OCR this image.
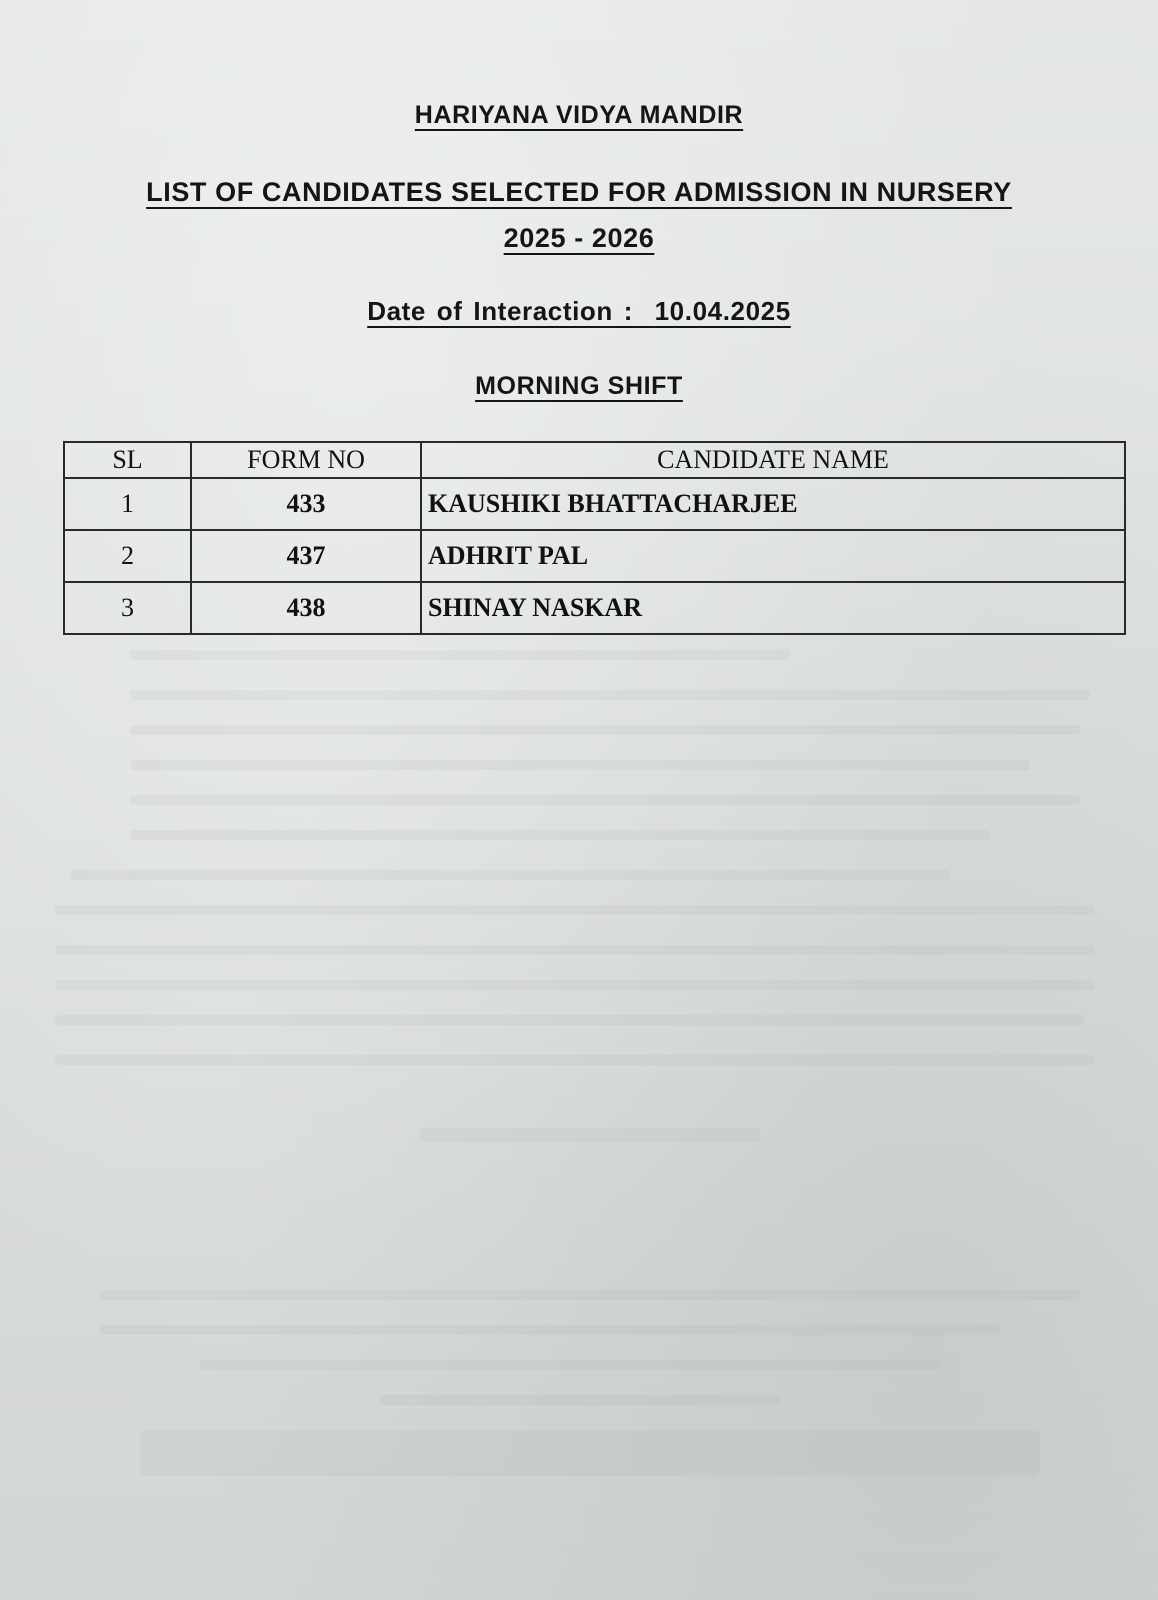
HARIYANA VIDYA MANDIR
LIST OF CANDIDATES SELECTED FOR ADMISSION IN NURSERY
2025 - 2026
Date of Interaction : 10.04.2025
MORNING SHIFT
SL	FORM NO	CANDIDATE NAME
1	433	KAUSHIKI BHATTACHARJEE
2	437	ADHRIT PAL
3	438	SHINAY NASKAR
